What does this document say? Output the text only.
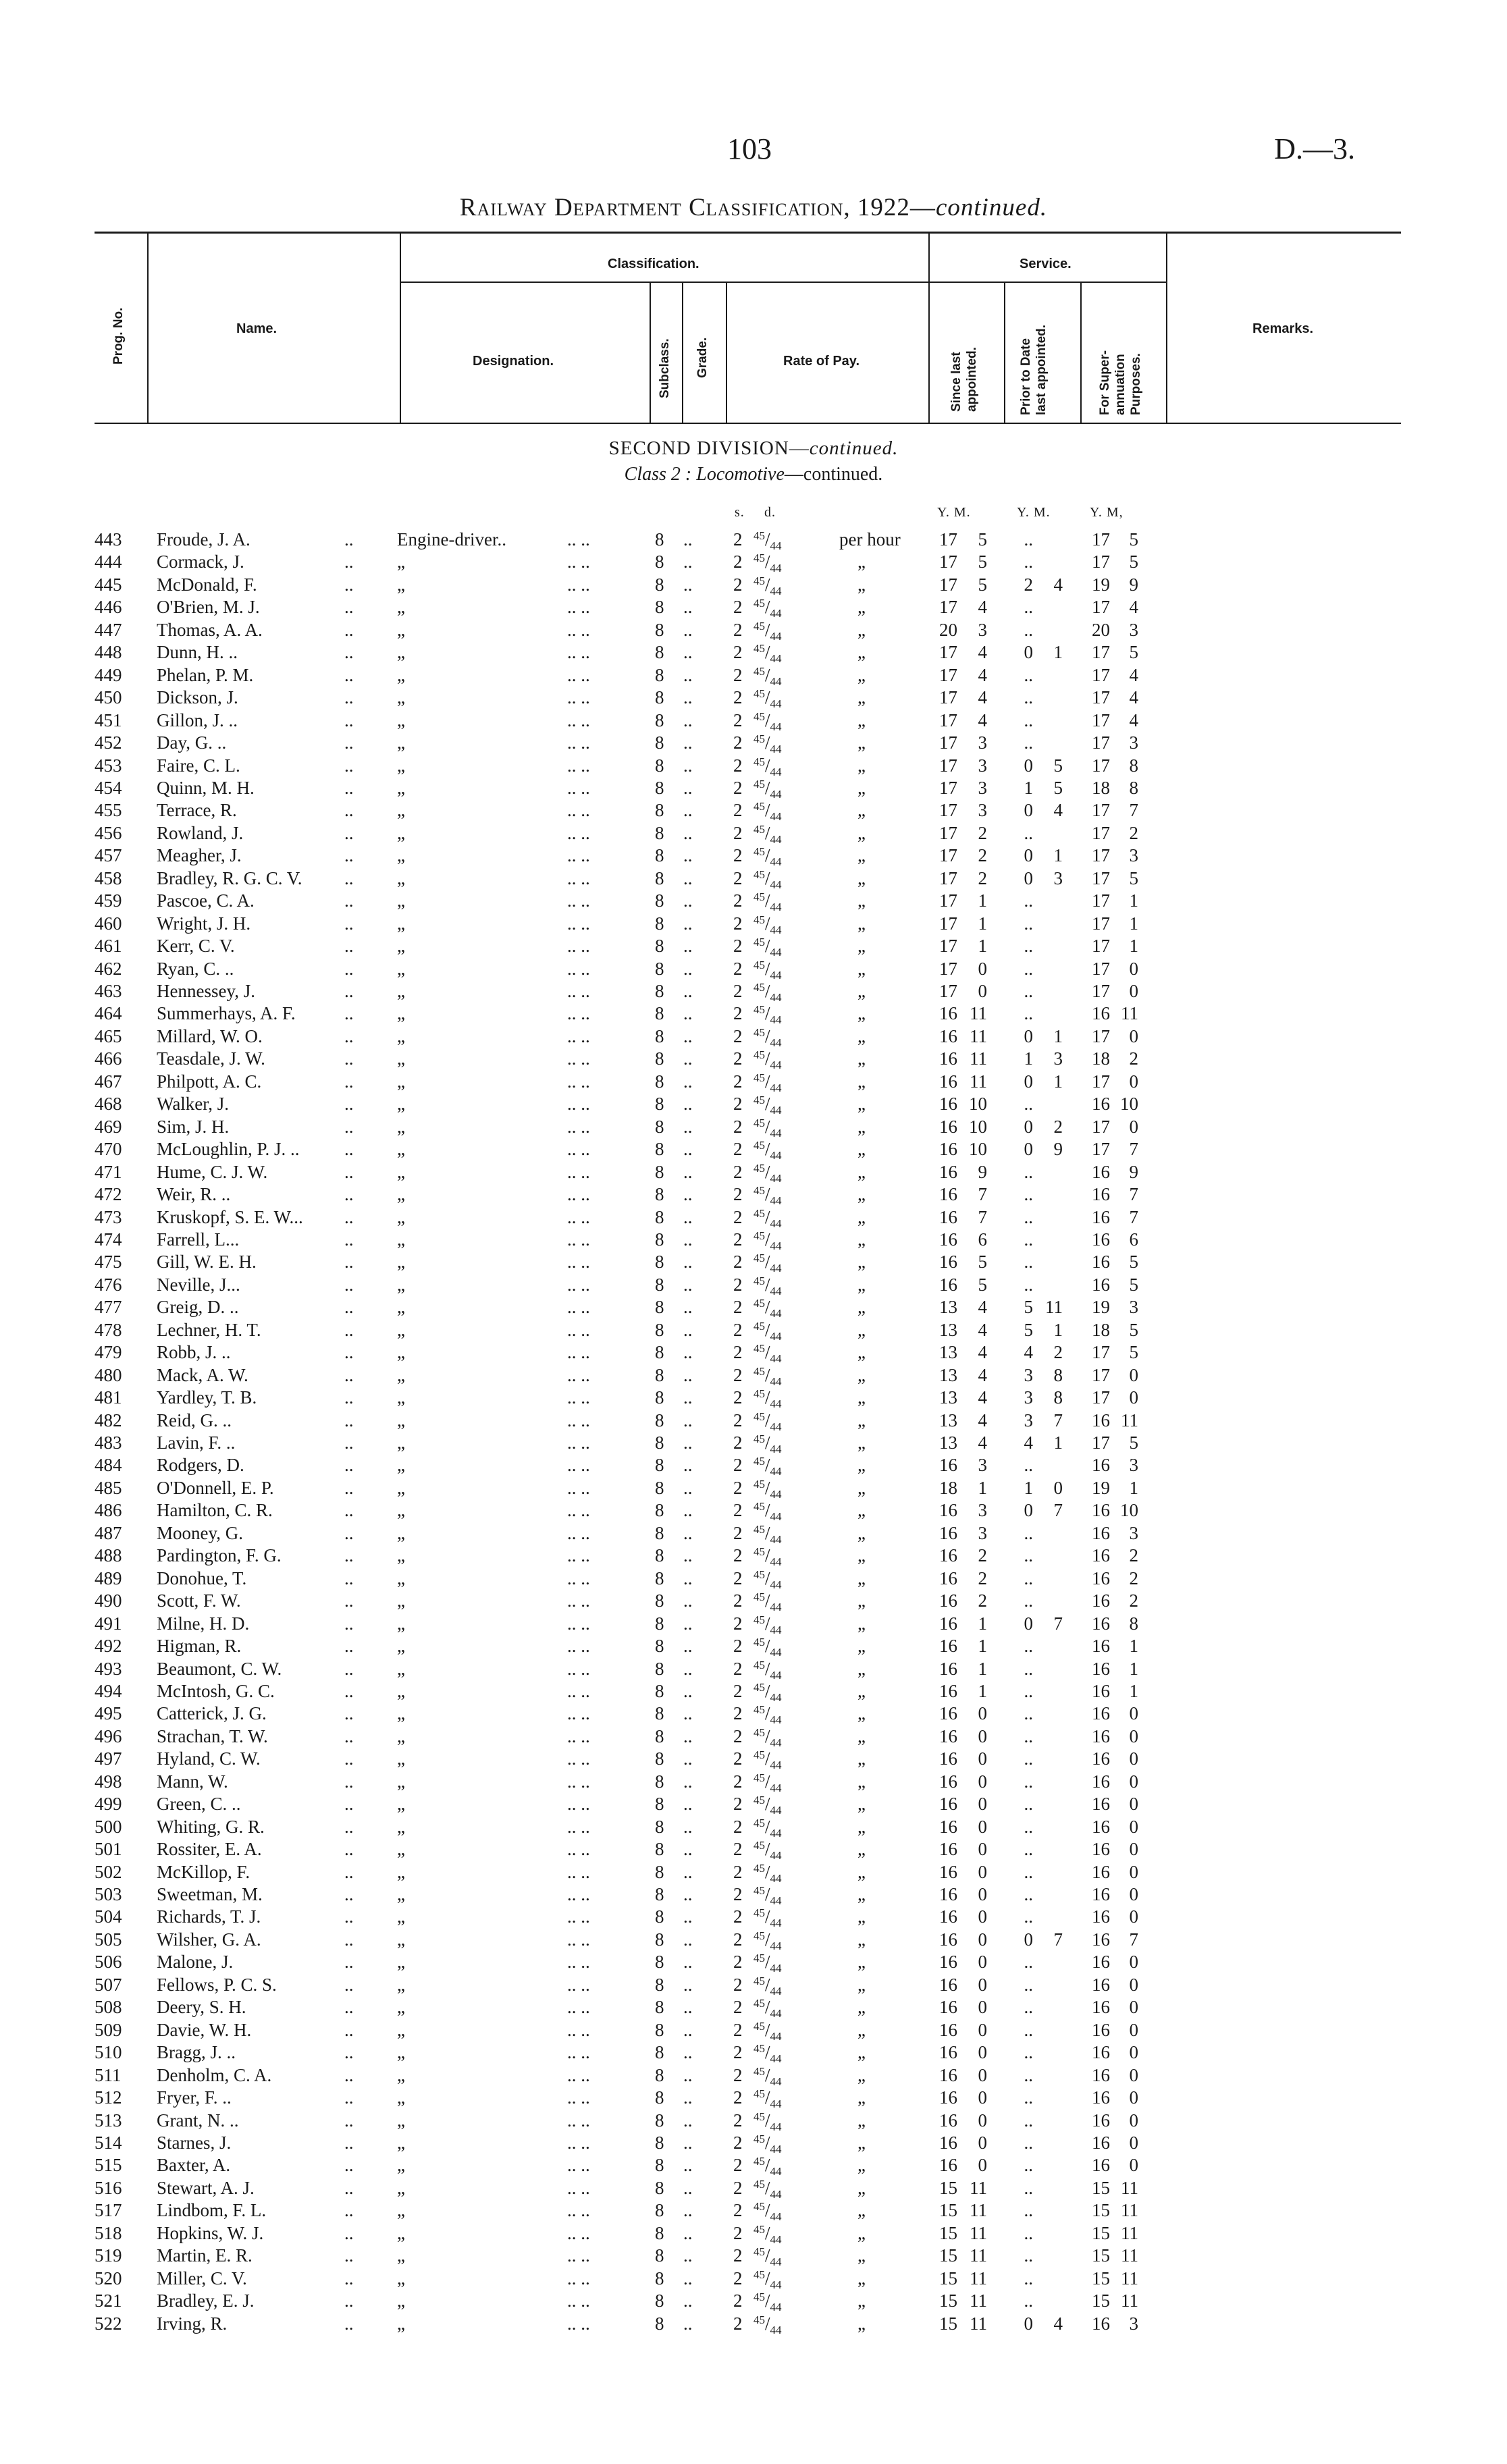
103	D.—3.
Railway Department Classification, 1922—continued.
Prog. No.	Name.
Classification.	Service.
Designation.	Subclass. Grade.	Rate of Pay.	Since last appointed.	Prior to Date last appointed.	For Super-annuation Purposes.
Remarks.
SECOND DIVISION—continued.
Class 2 : Locomotive—continued.
s. d.	Y. M.	Y. M.	Y. M,
443 Froude, J. A.	.. Engine-driver..	.. ..	8 .. 2 $^{45}/_{44}$	per hour	17	5	..	17	5
444 Cormack, J.	.. „	.. ..	8 .. 2 $^{45}/_{44}$	„	17	5	..	17	5
445 McDonald, F.	.. „	.. ..	8 .. 2 $^{45}/_{44}$	„	17	5	2	4	19	9
446 O'Brien, M. J.	.. „	.. ..	8 .. 2 $^{45}/_{44}$	„	17	4	..	17	4
447 Thomas, A. A.	.. „	.. ..	8 .. 2 $^{45}/_{44}$	„	20	3	..	20	3
448 Dunn, H. ..	.. „	.. ..	8 .. 2 $^{45}/_{44}$	„	17	4	0	1	17	5
449 Phelan, P. M.	.. „	.. ..	8 .. 2 $^{45}/_{44}$	„	17	4	..	17	4
450 Dickson, J.	.. „	.. ..	8 .. 2 $^{45}/_{44}$	„	17	4	..	17	4
451 Gillon, J. ..	.. „	.. ..	8 .. 2 $^{45}/_{44}$	„	17	4	..	17	4
452 Day, G. ..	.. „	.. ..	8 .. 2 $^{45}/_{44}$	„	17	3	..	17	3
453 Faire, C. L.	.. „	.. ..	8 .. 2 $^{45}/_{44}$	„	17	3	0	5	17	8
454 Quinn, M. H.	.. „	.. ..	8 .. 2 $^{45}/_{44}$	„	17	3	1	5	18	8
455 Terrace, R.	.. „	.. ..	8 .. 2 $^{45}/_{44}$	„	17	3	0	4	17	7
456 Rowland, J.	.. „	.. ..	8 .. 2 $^{45}/_{44}$	„	17	2	..	17	2
457 Meagher, J.	.. „	.. ..	8 .. 2 $^{45}/_{44}$	„	17	2	0	1	17	3
458 Bradley, R. G. C. V. .. „	.. ..	8 .. 2 $^{45}/_{44}$	„	17	2	0	3	17	5
459 Pascoe, C. A.	.. „	.. ..	8 .. 2 $^{45}/_{44}$	„	17	1	..	17	1
460 Wright, J. H.	.. „	.. ..	8 .. 2 $^{45}/_{44}$	„	17	1	..	17	1
461 Kerr, C. V.	.. „	.. ..	8 .. 2 $^{45}/_{44}$	„	17	1	..	17	1
462 Ryan, C. ..	.. „	.. ..	8 .. 2 $^{45}/_{44}$	„	17	0	..	17	0
463 Hennessey, J.	.. „	.. ..	8 .. 2 $^{45}/_{44}$	„	17	0	..	17	0
464 Summerhays, A. F.	.. „	.. ..	8 .. 2 $^{45}/_{44}$	„	16 11	..	16 11
465 Millard, W. O.	.. „	.. ..	8 .. 2 $^{45}/_{44}$	„	16 11	0	1	17	0
466 Teasdale, J. W.	.. „	.. ..	8 .. 2 $^{45}/_{44}$	„	16 11	1	3	18	2
467 Philpott, A. C.	.. „	.. ..	8 .. 2 $^{45}/_{44}$	„	16 11	0	1	17	0
468 Walker, J.	.. „	.. ..	8 .. 2 $^{45}/_{44}$	„	16 10	..	16 10
469 Sim, J. H.	.. „	.. ..	8 .. 2 $^{45}/_{44}$	„	16 10	0	2	17	0
470 McLoughlin, P. J. .. .. „	.. ..	8 .. 2 $^{45}/_{44}$	„	16 10	0	9	17	7
471 Hume, C. J. W.	.. „	.. ..	8 .. 2 $^{45}/_{44}$	„	16	9	..	16	9
472 Weir, R. ..	.. „	.. ..	8 .. 2 $^{45}/_{44}$	„	16	7	..	16	7
473 Kruskopf, S. E. W... .. „	.. ..	8 .. 2 $^{45}/_{44}$	„	16	7	..	16	7
474 Farrell, L...	.. „	.. ..	8 .. 2 $^{45}/_{44}$	„	16	6	..	16	6
475 Gill, W. E. H.	.. „	.. ..	8 .. 2 $^{45}/_{44}$	„	16	5	..	16	5
476 Neville, J...	.. „	.. ..	8 .. 2 $^{45}/_{44}$	„	16	5	..	16	5
477 Greig, D. ..	.. „	.. ..	8 .. 2 $^{45}/_{44}$	„	13	4	5 11	19	3
478 Lechner, H. T.	.. „	.. ..	8 .. 2 $^{45}/_{44}$	„	13	4	5	1	18	5
479 Robb, J. ..	.. „	.. ..	8 .. 2 $^{45}/_{44}$	„	13	4	4	2	17	5
480 Mack, A. W.	.. „	.. ..	8 .. 2 $^{45}/_{44}$	„	13	4	3	8	17	0
481 Yardley, T. B.	.. „	.. ..	8 .. 2 $^{45}/_{44}$	„	13	4	3	8	17	0
482 Reid, G. ..	.. „	.. ..	8 .. 2 $^{45}/_{44}$	„	13	4	3	7	16 11
483 Lavin, F. ..	.. „	.. ..	8 .. 2 $^{45}/_{44}$	„	13	4	4	1	17	5
484 Rodgers, D.	.. „	.. ..	8 .. 2 $^{45}/_{44}$	„	16	3	..	16	3
485 O'Donnell, E. P.	.. „	.. ..	8 .. 2 $^{45}/_{44}$	„	18	1	1	0	19	1
486 Hamilton, C. R.	.. „	.. ..	8 .. 2 $^{45}/_{44}$	„	16	3	0	7	16 10
487 Mooney, G.	.. „	.. ..	8 .. 2 $^{45}/_{44}$	„	16	3	..	16	3
488 Pardington, F. G.	.. „	.. ..	8 .. 2 $^{45}/_{44}$	„	16	2	..	16	2
489 Donohue, T.	.. „	.. ..	8 .. 2 $^{45}/_{44}$	„	16	2	..	16	2
490 Scott, F. W.	.. „	.. ..	8 .. 2 $^{45}/_{44}$	„	16	2	..	16	2
491 Milne, H. D.	.. „	.. ..	8 .. 2 $^{45}/_{44}$	„	16	1	0	7	16	8
492 Higman, R.	.. „	.. ..	8 .. 2 $^{45}/_{44}$	„	16	1	..	16	1
493 Beaumont, C. W.	.. „	.. ..	8 .. 2 $^{45}/_{44}$	„	16	1	..	16	1
494 McIntosh, G. C.	.. „	.. ..	8 .. 2 $^{45}/_{44}$	„	16	1	..	16	1
495 Catterick, J. G.	.. „	.. ..	8 .. 2 $^{45}/_{44}$	„	16	0	..	16	0
496 Strachan, T. W.	.. „	.. ..	8 .. 2 $^{45}/_{44}$	„	16	0	..	16	0
497 Hyland, C. W.	.. „	.. ..	8 .. 2 $^{45}/_{44}$	„	16	0	..	16	0
498 Mann, W.	.. „	.. ..	8 .. 2 $^{45}/_{44}$	„	16	0	..	16	0
499 Green, C. ..	.. „	.. ..	8 .. 2 $^{45}/_{44}$	„	16	0	..	16	0
500 Whiting, G. R.	.. „	.. ..	8 .. 2 $^{45}/_{44}$	„	16	0	..	16	0
501 Rossiter, E. A.	.. „	.. ..	8 .. 2 $^{45}/_{44}$	„	16	0	..	16	0
502 McKillop, F.	.. „	.. ..	8 .. 2 $^{45}/_{44}$	„	16	0	..	16	0
503 Sweetman, M.	.. „	.. ..	8 .. 2 $^{45}/_{44}$	„	16	0	..	16	0
504 Richards, T. J.	.. „	.. ..	8 .. 2 $^{45}/_{44}$	„	16	0	..	16	0
505 Wilsher, G. A.	.. „	.. ..	8 .. 2 $^{45}/_{44}$	„	16	0	0	7	16	7
506 Malone, J.	.. „	.. ..	8 .. 2 $^{45}/_{44}$	„	16	0	..	16	0
507 Fellows, P. C. S.	.. „	.. ..	8 .. 2 $^{45}/_{44}$	„	16	0	..	16	0
508 Deery, S. H.	.. „	.. ..	8 .. 2 $^{45}/_{44}$	„	16	0	..	16	0
509 Davie, W. H.	.. „	.. ..	8 .. 2 $^{45}/_{44}$	„	16	0	..	16	0
510 Bragg, J. ..	.. „	.. ..	8 .. 2 $^{45}/_{44}$	„	16	0	..	16	0
511 Denholm, C. A.	.. „	.. ..	8 .. 2 $^{45}/_{44}$	„	16	0	..	16	0
512 Fryer, F. ..	.. „	.. ..	8 .. 2 $^{45}/_{44}$	„	16	0	..	16	0
513 Grant, N. ..	.. „	.. ..	8 .. 2 $^{45}/_{44}$	„	16	0	..	16	0
514 Starnes, J.	.. „	.. ..	8 .. 2 $^{45}/_{44}$	„	16	0	..	16	0
515 Baxter, A.	.. „	.. ..	8 .. 2 $^{45}/_{44}$	„	16	0	..	16	0
516 Stewart, A. J.	.. „	.. ..	8 .. 2 $^{45}/_{44}$	„	15 11	..	15 11
517 Lindbom, F. L.	.. „	.. ..	8 .. 2 $^{45}/_{44}$	„	15 11	..	15 11
518 Hopkins, W. J.	.. „	.. ..	8 .. 2 $^{45}/_{44}$	„	15 11	..	15 11
519 Martin, E. R.	.. „	.. ..	8 .. 2 $^{45}/_{44}$	„	15 11	..	15 11
520 Miller, C. V.	.. „	.. ..	8 .. 2 $^{45}/_{44}$	„	15 11	..	15 11
521 Bradley, E. J.	.. „	.. ..	8 .. 2 $^{45}/_{44}$	„	15 11	..	15 11
522 Irving, R.	.. „	.. ..	8 .. 2 $^{45}/_{44}$	„	15 11	0	4	16	3
